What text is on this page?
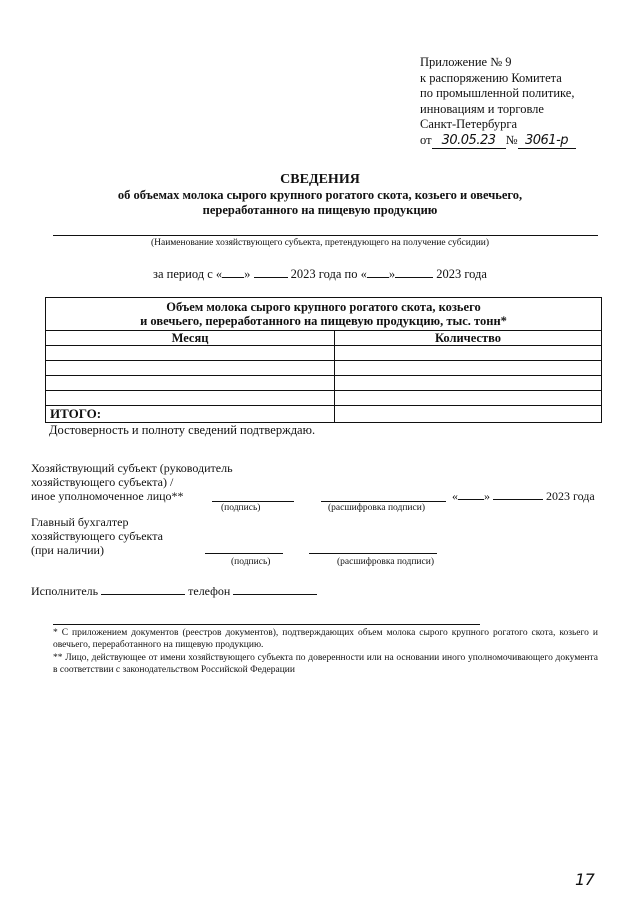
Приложение № 9
к распоряжению Комитета
по промышленной политике,
инновациям и торговле
Санкт-Петербурга
от 30.05.23 № 3061-р
СВЕДЕНИЯ
об объемах молока сырого крупного рогатого скота, козьего и овечьего,
переработанного на пищевую продукцию
(Наименование хозяйствующего субъекта, претендующего на получение субсидии)
за период с « »	2023 года по « »	2023 года
Объем молока сырого крупного рогатого скота, козьего
и овечьего, переработанного на пищевую продукцию, тыс. тонн*	

Месяц	Количество

ИТОГО:	
Достоверность и полноту сведений подтверждаю.
Хозяйствующий субъект (руководитель
хозяйствующего субъекта) /
иное уполномоченное лицо**	« »	2023 года
(подпись)	(расшифровка подписи)
Главный бухгалтер
хозяйствующего субъекта
(при наличии)
(подпись)	(расшифровка подписи)
Исполнитель	телефон
* С приложением документов (реестров документов), подтверждающих объем молока сырого крупного рогатого скота, козьего и овечьего, переработанного на пищевую продукцию.
** Лицо, действующее от имени хозяйствующего субъекта по доверенности или на основании иного уполномочивающего документа в соответствии с законодательством Российской Федерации
17
